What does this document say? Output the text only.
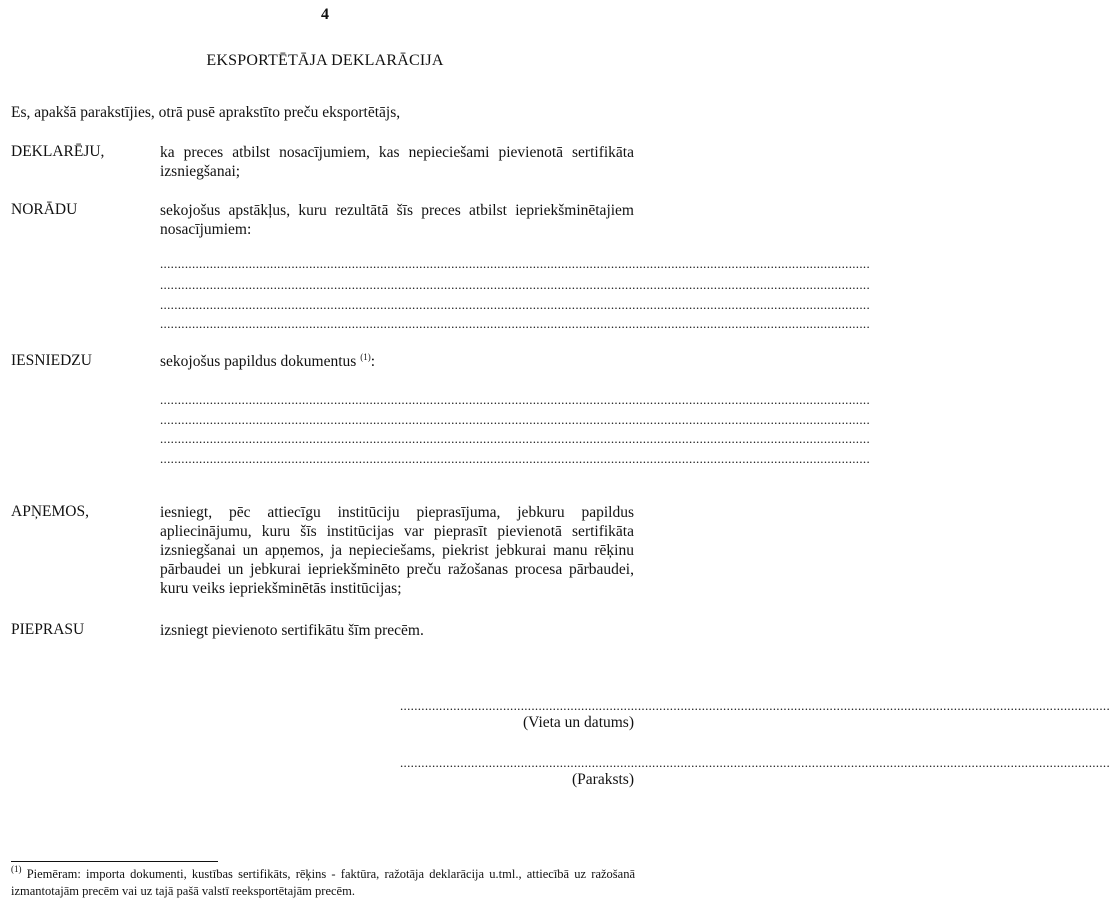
4
EKSPORTĒTĀJA DEKLARĀCIJA
Es, apakšā parakstījies, otrā pusē aprakstīto preču eksportētājs,
DEKLARĒJU,	ka preces atbilst nosacījumiem, kas nepieciešami pievienotā sertifikāta izsniegšanai;
NORĀDU	sekojošus apstākļus, kuru rezultātā šīs preces atbilst iepriekšminētajiem nosacījumiem:
........................................................................................................................................................................................................
........................................................................................................................................................................................................
........................................................................................................................................................................................................
........................................................................................................................................................................................................
IESNIEDZU	sekojošus papildus dokumentus $^{(1)}$:
........................................................................................................................................................................................................
........................................................................................................................................................................................................
........................................................................................................................................................................................................
........................................................................................................................................................................................................
APŅEMOS,	iesniegt, pēc attiecīgu institūciju pieprasījuma, jebkuru papildus apliecinājumu, kuru šīs institūcijas var pieprasīt pievienotā sertifikāta izsniegšanai un apņemos, ja nepieciešams, piekrist jebkurai manu rēķinu pārbaudei un jebkurai iepriekšminēto preču ražošanas procesa pārbaudei, kuru veiks iepriekšminētās institūcijas;
PIEPRASU	izsniegt pievienoto sertifikātu šīm precēm.
........................................................................................................................................................................................................
(Vieta un datums)
........................................................................................................................................................................................................
(Paraksts)
$^{(1)}$ Piemēram: importa dokumenti, kustības sertifikāts, rēķins - faktūra, ražotāja deklarācija u.tml., attiecībā uz ražošanā izmantotajām precēm vai uz tajā pašā valstī reeksportētajām precēm.
